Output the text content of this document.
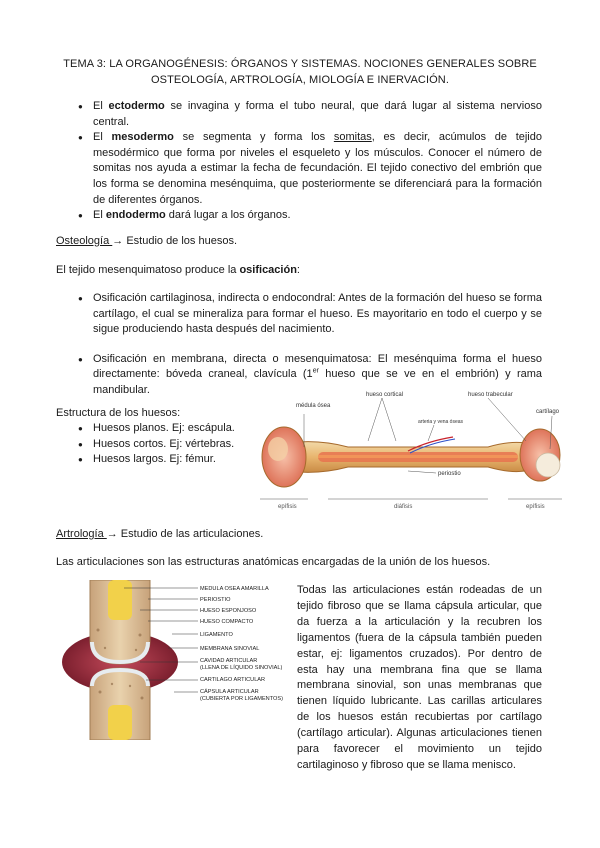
TEMA 3: LA ORGANOGÉNESIS: ÓRGANOS Y SISTEMAS. NOCIONES GENERALES SOBRE
OSTEOLOGÍA, ARTROLOGÍA, MIOLOGÍA E INERVACIÓN.
● El ectodermo se invagina y forma el tubo neural, que dará lugar al sistema nervioso central.
● El mesodermo se segmenta y forma los somitas, es decir, acúmulos de tejido mesodérmico que forma por niveles el esqueleto y los músculos. Conocer el número de somitas nos ayuda a estimar la fecha de fecundación. El tejido conectivo del embrión que los forma se denomina mesénquima, que posteriormente se diferenciará para la formación de diferentes órganos.
● El endodermo dará lugar a los órganos.
Osteología → Estudio de los huesos.
El tejido mesenquimatoso produce la osificación:
● Osificación cartilaginosa, indirecta o endocondral: Antes de la formación del hueso se forma cartílago, el cual se mineraliza para formar el hueso. Es mayoritario en todo el cuerpo y se sigue produciendo hasta después del nacimiento.
● Osificación en membrana, directa o mesenquimatosa: El mesénquima forma el hueso directamente: bóveda craneal, clavícula (1er hueso que se ve en el embrión) y rama mandibular.
Estructura de los huesos:
● Huesos planos. Ej: escápula.
● Huesos cortos. Ej: vértebras.
● Huesos largos. Ej: fémur.
médula ósea
hueso cortical
arteria y vena óseas
hueso trabecular
cartílago
periostio
epífisis	diáfisis	epífisis
Artrología → Estudio de las articulaciones.
Las articulaciones son las estructuras anatómicas encargadas de la unión de los huesos.
MEDULA OSEA AMARILLA
PERIOSTIO
HUESO ESPONJOSO
HUESO COMPACTO
LIGAMENTO
MEMBRANA SINOVIAL
CAVIDAD ARTICULAR
(LLENA DE LÍQUIDO SINOVIAL)
CARTILAGO ARTICULAR
CÁPSULA ARTICULAR
(CUBIERTA POR LIGAMENTOS)
Todas las articulaciones están rodeadas de un tejido fibroso que se llama cápsula articular, que da fuerza a la articulación y la recubren los ligamentos (fuera de la cápsula también pueden estar, ej: ligamentos cruzados). Por dentro de esta hay una membrana fina que se llama membrana sinovial, son unas membranas que tienen líquido lubricante. Las carillas articulares de los huesos están recubiertas por cartílago (cartílago articular). Algunas articulaciones tienen para favorecer el movimiento un tejido cartilaginoso y fibroso que se llama menisco.
